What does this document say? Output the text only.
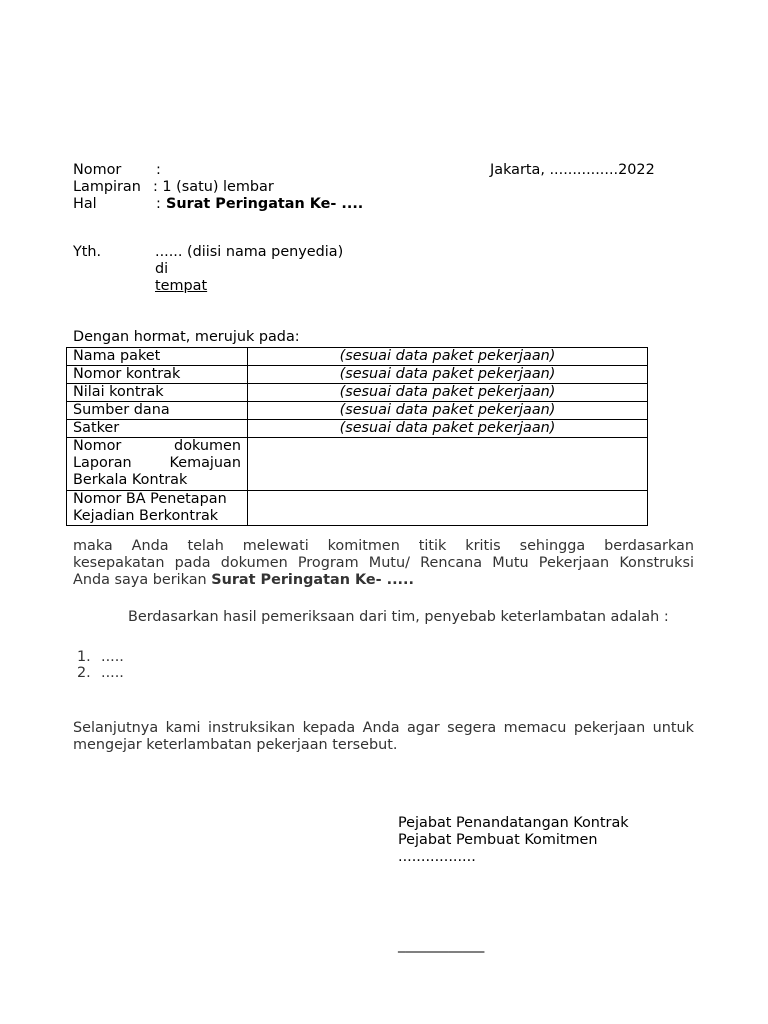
Nomor :	Jakarta, ...............2022
Lampiran : 1 (satu) lembar
Hal	: Surat Peringatan Ke- ....
Yth.	...... (diisi nama penyedia)
di
tempat
Dengan hormat, merujuk pada:
Nama paket	(sesuai data paket pekerjaan)
Nomor kontrak	(sesuai data paket pekerjaan)
Nilai kontrak	(sesuai data paket pekerjaan)
Sumber dana	(sesuai data paket pekerjaan)
Satker	(sesuai data paket pekerjaan)

Nomor dokumen
Laporan Kemajuan
Berkala Kontrak	

Nomor BA Penetapan
Kejadian Berkontrak	

maka Anda telah melewati komitmen titik kritis sehingga berdasarkan
kesepakatan pada dokumen Program Mutu/ Rencana Mutu Pekerjaan Konstruksi
Anda saya berikan Surat Peringatan Ke- .....
Berdasarkan hasil pemeriksaan dari tim, penyebab keterlambatan adalah :
1. .....
2. .....
Selanjutnya kami instruksikan kepada Anda agar segera memacu pekerjaan untuk
mengejar keterlambatan pekerjaan tersebut.
Pejabat Penandatangan Kontrak
Pejabat Pembuat Komitmen
.................
____________
